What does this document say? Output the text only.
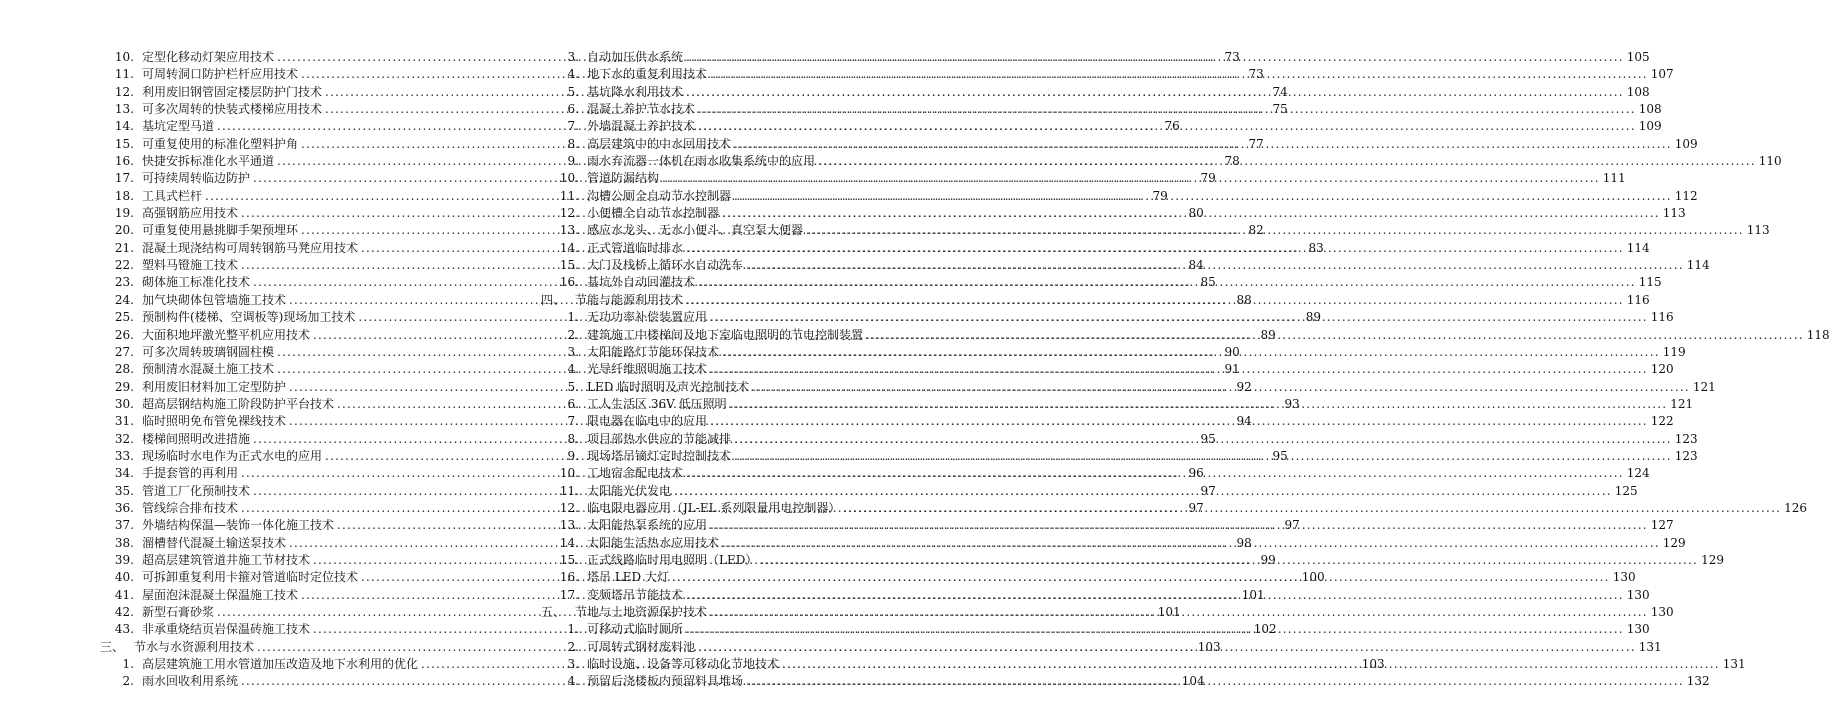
10. 定型化移动灯架应用技术 .....	73
11. 可周转洞口防护栏杆应用技术 .....	73
12. 利用废旧钢管固定楼层防护门技术 .....	74
13. 可多次周转的快装式楼梯应用技术 .....	75
14. 基坑定型马道 .....	76
15. 可重复使用的标准化塑料护角 .....	77
16. 快捷安拆标准化水平通道 .....	78
17. 可持续周转临边防护 .....	79
18. 工具式栏杆 .....	79
19. 高强钢筋应用技术 .....	80
20. 可重复使用悬挑脚手架预埋环 .....	82
21. 混凝土现浇结构可周转钢筋马凳应用技术 .....	83
22. 塑料马镫施工技术 .....	84
23. 砌体施工标准化技术 .....	85
24. 加气块砌体包管墙施工技术 .....	88
25. 预制构件(楼梯、空调板等)现场加工技术 .....	89
26. 大面积地坪激光整平机应用技术 .....	89
27. 可多次周转玻璃钢圆柱模 .....	90
28. 预制清水混凝土施工技术 .....	91
29. 利用废旧材料加工定型防护 .....	92
30. 超高层钢结构施工阶段防护平台技术 .....	93
31. 临时照明免布管免裸线技术 .....	94
32. 楼梯间照明改进措施 .....	95
33. 现场临时水电作为正式水电的应用 .....	95
34. 手提套管的再利用 .....	96
35. 管道工厂化预制技术 .....	97
36. 管线综合排布技术 .....	97
37. 外墙结构保温—装饰一体化施工技术 .....	97
38. 溜槽替代混凝土输送泵技术 .....	98
39. 超高层建筑管道井施工节材技术 .....	99
40. 可拆卸重复利用卡箍对管道临时定位技术 .....	100
41. 屋面泡沫混凝土保温施工技术 .....	101
42. 新型石膏砂浆 .....	101
43. 非承重烧结页岩保温砖施工技术 .....	102
三、 节水与水资源利用技术 .....	103
1. 高层建筑施工用水管道加压改造及地下水利用的优化 .....	103
2. 雨水回收利用系统 .....	104
3. 自动加压供水系统 .....	105
4. 地下水的重复利用技术 .....	107
5. 基坑降水利用技术 .....	108
6. 混凝土养护节水技术 .....	108
7. 外墙混凝土养护技术 .....	109
8. 高层建筑中的中水回用技术 .....	109
9. 雨水弃流器一体机在雨水收集系统中的应用 .....	110
10. 管道防漏结构 .....	111
11. 沟槽公厕全自动节水控制器 .....	112
12. 小便槽全自动节水控制器 .....	113
13. 感应水龙头、无水小便斗、真空泵大便器 .....	113
14. 正式管道临时排水 .....	114
15. 大门及栈桥上循环水自动洗车 .....	114
16. 基坑外自动回灌技术 .....	115
四、 节能与能源利用技术 .....	116
1. 无功功率补偿装置应用 .....	116
2. 建筑施工中楼梯间及地下室临电照明的节电控制装置 .....	118
3. 太阳能路灯节能环保技术 .....	119
4. 光导纤维照明施工技术 .....	120
5. LED 临时照明及声光控制技术 .....	121
6. 工人生活区 36V 低压照明 .....	121
7. 限电器在临电中的应用 .....	122
8. 项目部热水供应的节能减排 .....	123
9. 现场塔吊镝灯定时控制技术 .....	123
10. 工地宿舍配电技术 .....	124
11. 太阳能光伏发电 .....	125
12. 临电限电器应用（JL-EL 系列限量用电控制器） .....	126
13. 太阳能热泵系统的应用 .....	127
14. 太阳能生活热水应用技术 .....	129
15. 正式线路临时用电照明（LED） .....	129
16. 塔吊 LED 大灯 .....	130
17. 变频塔吊节能技术 .....	130
五、 节地与土地资源保护技术 .....	130
1. 可移动式临时厕所 .....	130
2. 可周转式钢材废料池 .....	131
3. 临时设施、设备等可移动化节地技术 .....	131
4. 预留后浇楼板内预留料具堆场 .....	132
